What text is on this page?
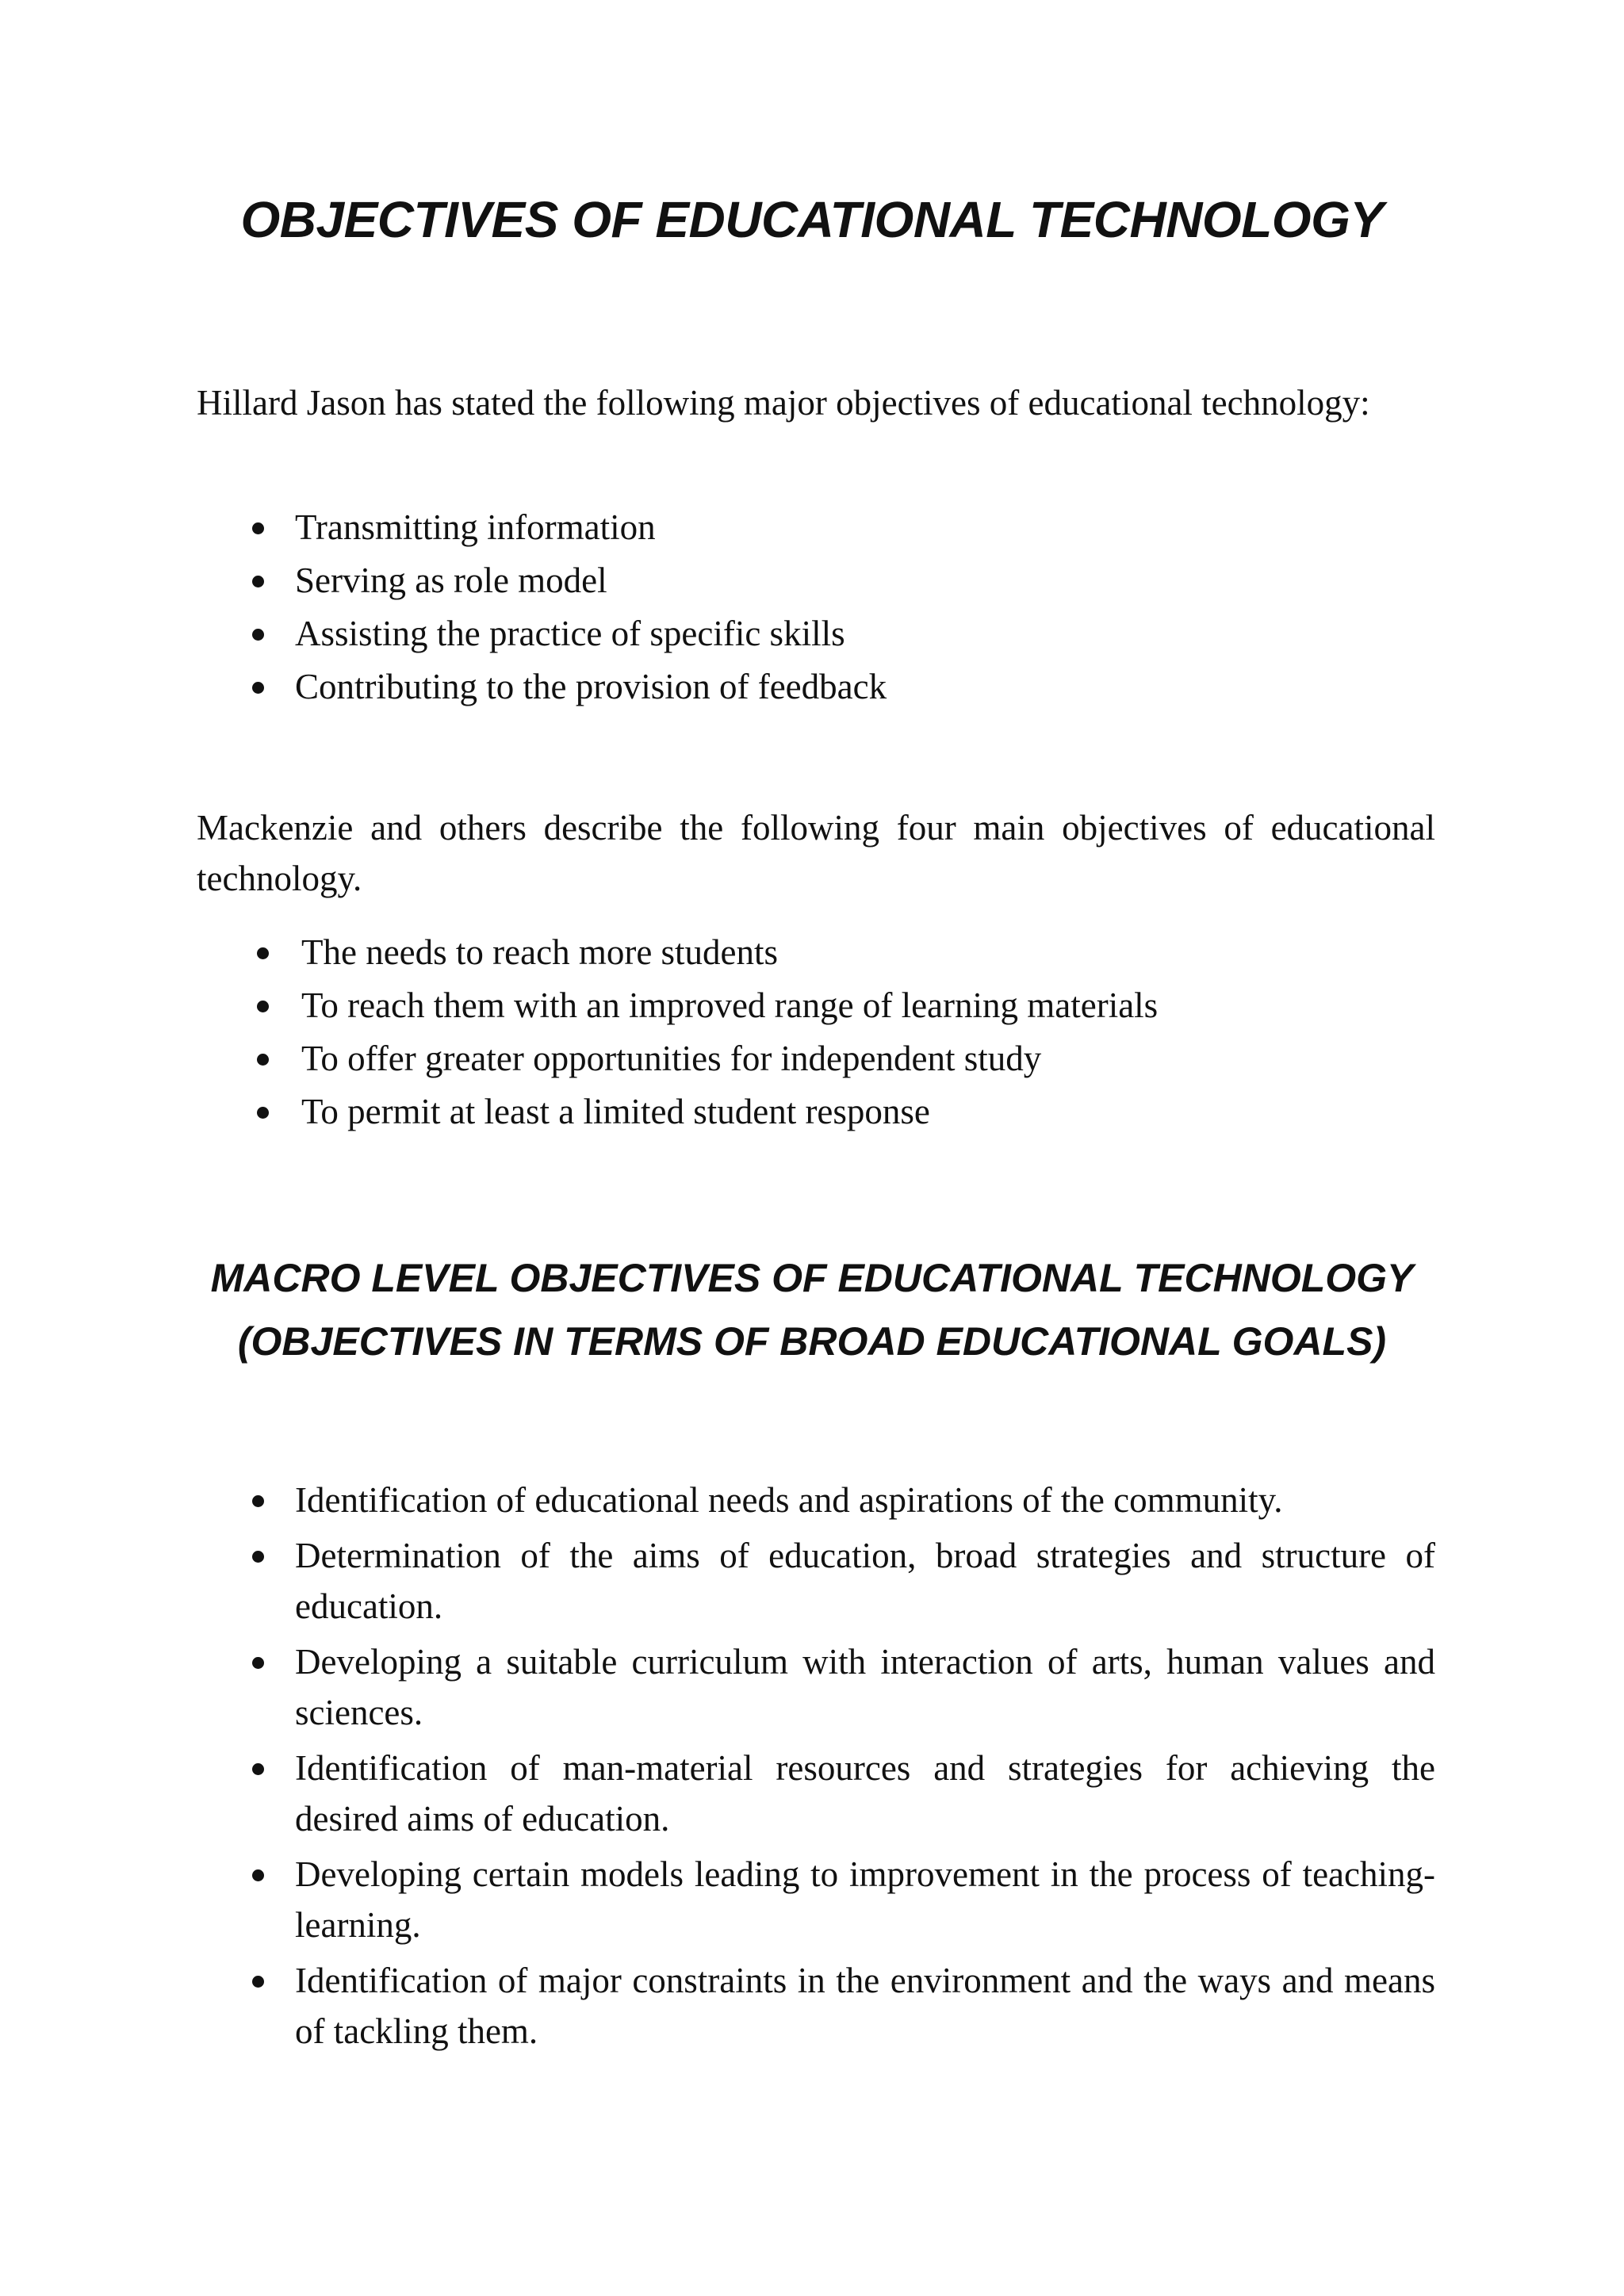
OBJECTIVES OF EDUCATIONAL TECHNOLOGY

Hillard Jason has stated the following major objectives of educational technology:

Transmitting information
Serving as role model
Assisting the practice of specific skills
Contributing to the provision of feedback

Mackenzie and others describe the following four main objectives of educational technology.

The needs to reach more students
To reach them with an improved range of learning materials
To offer greater opportunities for independent study
To permit at least a limited student response
MACRO LEVEL OBJECTIVES OF EDUCATIONAL TECHNOLOGY
(OBJECTIVES IN TERMS OF BROAD EDUCATIONAL GOALS)
Identification of educational needs and aspirations of the community.
Determination of the aims of education, broad strategies and structure of education.
Developing a suitable curriculum with interaction of arts, human values and sciences.
Identification of man-material resources and strategies for achieving the desired aims of education.
Developing certain models leading to improvement in the process of teaching-learning.
Identification of major constraints in the environment and the ways and means of tackling them.
